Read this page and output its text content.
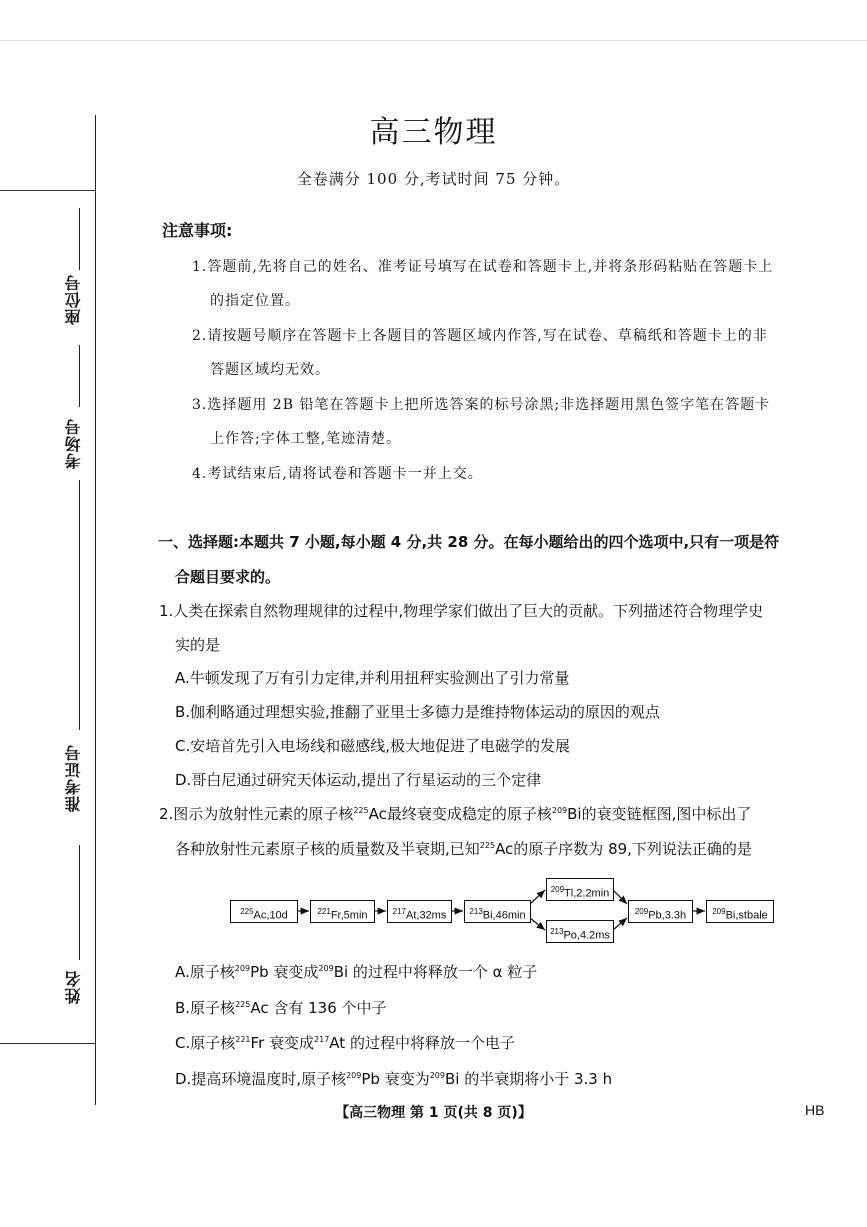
座位号
考场号
准考证号
姓名
高三物理
全卷满分 100 分,考试时间 75 分钟。
注意事项:
1.答题前,先将自己的姓名、准考证号填写在试卷和答题卡上,并将条形码粘贴在答题卡上
的指定位置。
2.请按题号顺序在答题卡上各题目的答题区域内作答,写在试卷、草稿纸和答题卡上的非
答题区域均无效。
3.选择题用 2B 铅笔在答题卡上把所选答案的标号涂黑;非选择题用黑色签字笔在答题卡
上作答;字体工整,笔迹清楚。
4.考试结束后,请将试卷和答题卡一并上交。
一、选择题:本题共 7 小题,每小题 4 分,共 28 分。在每小题给出的四个选项中,只有一项是符
合题目要求的。
1.人类在探索自然物理规律的过程中,物理学家们做出了巨大的贡献。下列描述符合物理学史
实的是
A.牛顿发现了万有引力定律,并利用扭秤实验测出了引力常量
B.伽利略通过理想实验,推翻了亚里士多德力是维持物体运动的原因的观点
C.安培首先引入电场线和磁感线,极大地促进了电磁学的发展
D.哥白尼通过研究天体运动,提出了行星运动的三个定律
2.图示为放射性元素的原子核$^{225}$Ac最终衰变成稳定的原子核$^{209}$Bi的衰变链框图,图中标出了
各种放射性元素原子核的质量数及半衰期,已知$^{225}$Ac的原子序数为 89,下列说法正确的是
$^{225}$Ac,10d	$^{221}$Fr,5min	$^{217}$At,32ms	$^{213}$Bi,46min
$^{209}$Tl,2.2min
$^{213}$Po,4.2ms
$^{209}$Pb,3.3h	$^{209}$Bi,stbale
A.原子核$^{209}$Pb 衰变成$^{209}$Bi 的过程中将释放一个 α 粒子
B.原子核$^{225}$Ac 含有 136 个中子
C.原子核$^{221}$Fr 衰变成$^{217}$At 的过程中将释放一个电子
D.提高环境温度时,原子核$^{209}$Pb 衰变为$^{209}$Bi 的半衰期将小于 3.3 h
【高三物理 第 1 页(共 8 页)】	HB
